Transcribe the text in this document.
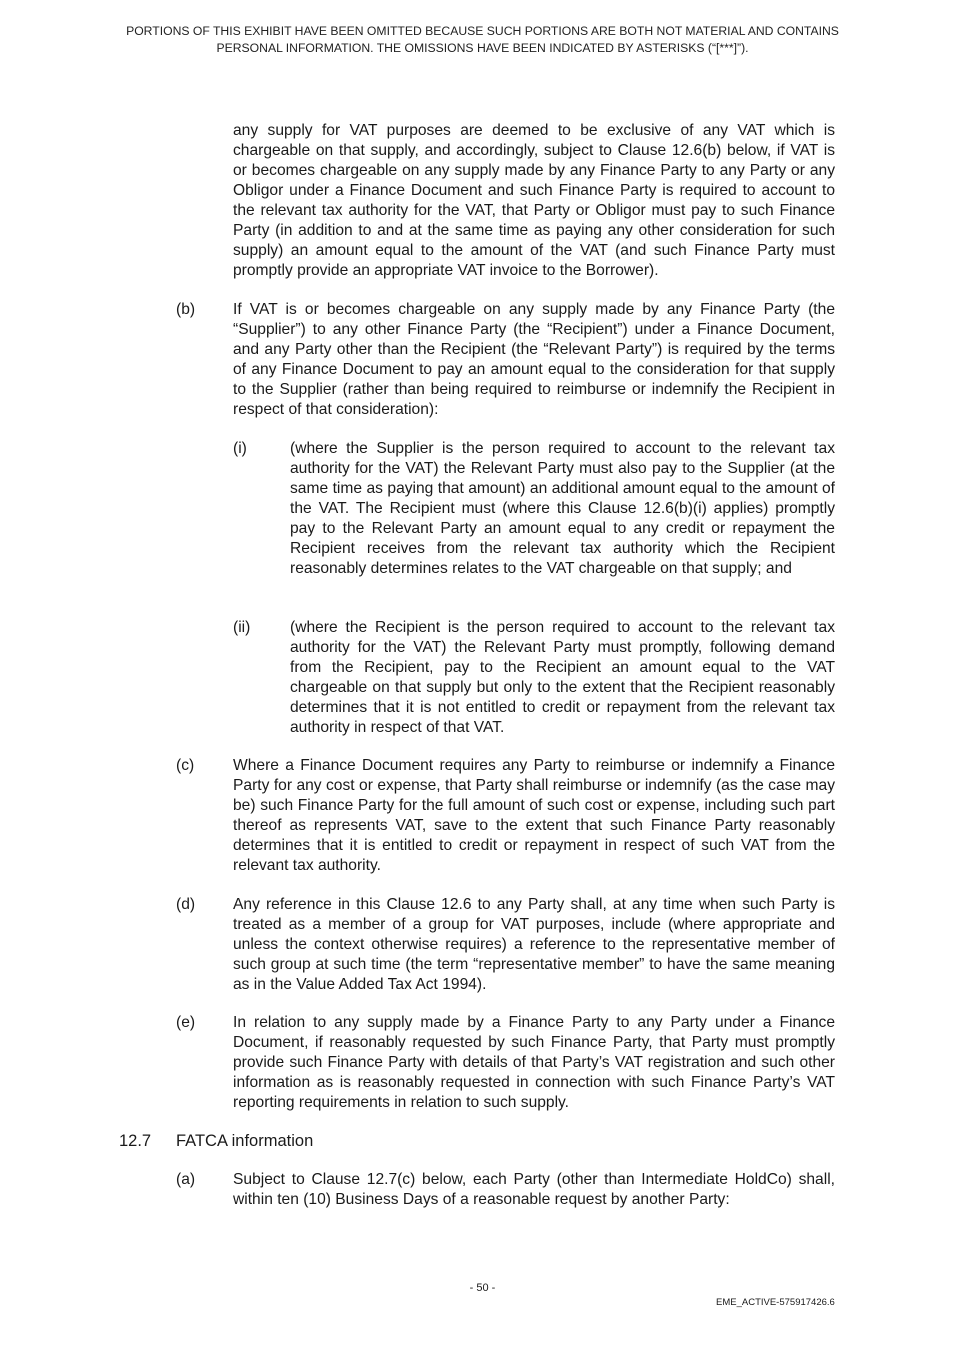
PORTIONS OF THIS EXHIBIT HAVE BEEN OMITTED BECAUSE SUCH PORTIONS ARE BOTH NOT MATERIAL AND CONTAINS PERSONAL INFORMATION. THE OMISSIONS HAVE BEEN INDICATED BY ASTERISKS (“[***]”).
any supply for VAT purposes are deemed to be exclusive of any VAT which is chargeable on that supply, and accordingly, subject to Clause 12.6(b) below, if VAT is or becomes chargeable on any supply made by any Finance Party to any Party or any Obligor under a Finance Document and such Finance Party is required to account to the relevant tax authority for the VAT, that Party or Obligor must pay to such Finance Party (in addition to and at the same time as paying any other consideration for such supply) an amount equal to the amount of the VAT (and such Finance Party must promptly provide an appropriate VAT invoice to the Borrower).
(b) If VAT is or becomes chargeable on any supply made by any Finance Party (the “Supplier”) to any other Finance Party (the “Recipient”) under a Finance Document, and any Party other than the Recipient (the “Relevant Party”) is required by the terms of any Finance Document to pay an amount equal to the consideration for that supply to the Supplier (rather than being required to reimburse or indemnify the Recipient in respect of that consideration):
(i)	(where the Supplier is the person required to account to the relevant tax authority for the VAT) the Relevant Party must also pay to the Supplier (at the same time as paying that amount) an additional amount equal to the amount of the VAT. The Recipient must (where this Clause 12.6(b)(i) applies) promptly pay to the Relevant Party an amount equal to any credit or repayment the Recipient receives from the relevant tax authority which the Recipient reasonably determines relates to the VAT chargeable on that supply; and
(ii)	(where the Recipient is the person required to account to the relevant tax authority for the VAT) the Relevant Party must promptly, following demand from the Recipient, pay to the Recipient an amount equal to the VAT chargeable on that supply but only to the extent that the Recipient reasonably determines that it is not entitled to credit or repayment from the relevant tax authority in respect of that VAT.
(c) Where a Finance Document requires any Party to reimburse or indemnify a Finance Party for any cost or expense, that Party shall reimburse or indemnify (as the case may be) such Finance Party for the full amount of such cost or expense, including such part thereof as represents VAT, save to the extent that such Finance Party reasonably determines that it is entitled to credit or repayment in respect of such VAT from the relevant tax authority.
(d) Any reference in this Clause 12.6 to any Party shall, at any time when such Party is treated as a member of a group for VAT purposes, include (where appropriate and unless the context otherwise requires) a reference to the representative member of such group at such time (the term “representative member” to have the same meaning as in the Value Added Tax Act 1994).
(e) In relation to any supply made by a Finance Party to any Party under a Finance Document, if reasonably requested by such Finance Party, that Party must promptly provide such Finance Party with details of that Party’s VAT registration and such other information as is reasonably requested in connection with such Finance Party’s VAT reporting requirements in relation to such supply.
12.7 FATCA information
(a) Subject to Clause 12.7(c) below, each Party (other than Intermediate HoldCo) shall, within ten (10) Business Days of a reasonable request by another Party:
- 50 -
EME_ACTIVE-575917426.6
